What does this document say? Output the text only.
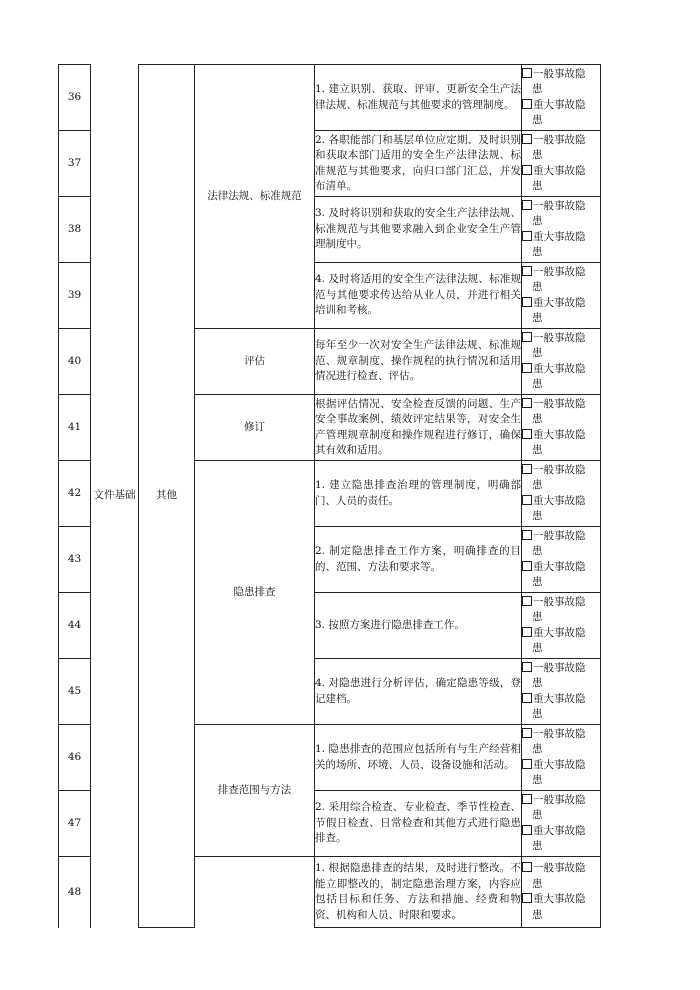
36	文件基础	其他	法律法规、标准规范	1. 建立识别、获取、评审、更新安全生产法律法规、标准规范与其他要求的管理制度。	一般事故隐
患
重大事故隐
患

37				2. 各职能部门和基层单位应定期、及时识别和获取本部门适用的安全生产法律法规、标准规范与其他要求，向归口部门汇总，并发布清单。	一般事故隐
患
重大事故隐
患

38				3. 及时将识别和获取的安全生产法律法规、标准规范与其他要求融入到企业安全生产管理制度中。	一般事故隐
患
重大事故隐
患

39				4. 及时将适用的安全生产法律法规、标准规范与其他要求传达给从业人员，并进行相关培训和考核。	一般事故隐
患
重大事故隐
患

40			评估	每年至少一次对安全生产法律法规、标准规范、规章制度、操作规程的执行情况和适用情况进行检查、评估。	一般事故隐
患
重大事故隐
患

41			修订	根据评估情况、安全检查反馈的问题、生产安全事故案例、绩效评定结果等，对安全生产管理规章制度和操作规程进行修订，确保其有效和适用。	一般事故隐
患
重大事故隐
患

42			隐患排查	1. 建立隐患排查治理的管理制度，明确部门、人员的责任。	一般事故隐
患
重大事故隐
患

43				2. 制定隐患排查工作方案，明确排查的目的、范围、方法和要求等。	一般事故隐
患
重大事故隐
患

44				3. 按照方案进行隐患排查工作。	一般事故隐
患
重大事故隐
患

45				4. 对隐患进行分析评估，确定隐患等级，登记建档。	一般事故隐
患
重大事故隐
患

46			排查范围与方法	1. 隐患排查的范围应包括所有与生产经营相关的场所、环境、人员、设备设施和活动。	一般事故隐
患
重大事故隐
患

47				2. 采用综合检查、专业检查、季节性检查、节假日检查、日常检查和其他方式进行隐患排查。	一般事故隐
患
重大事故隐
患

48				1. 根据隐患排查的结果，及时进行整改。不能立即整改的，制定隐患治理方案，内容应包括目标和任务、方法和措施、经费和物资、机构和人员、时限和要求。	一般事故隐
患
重大事故隐
患
